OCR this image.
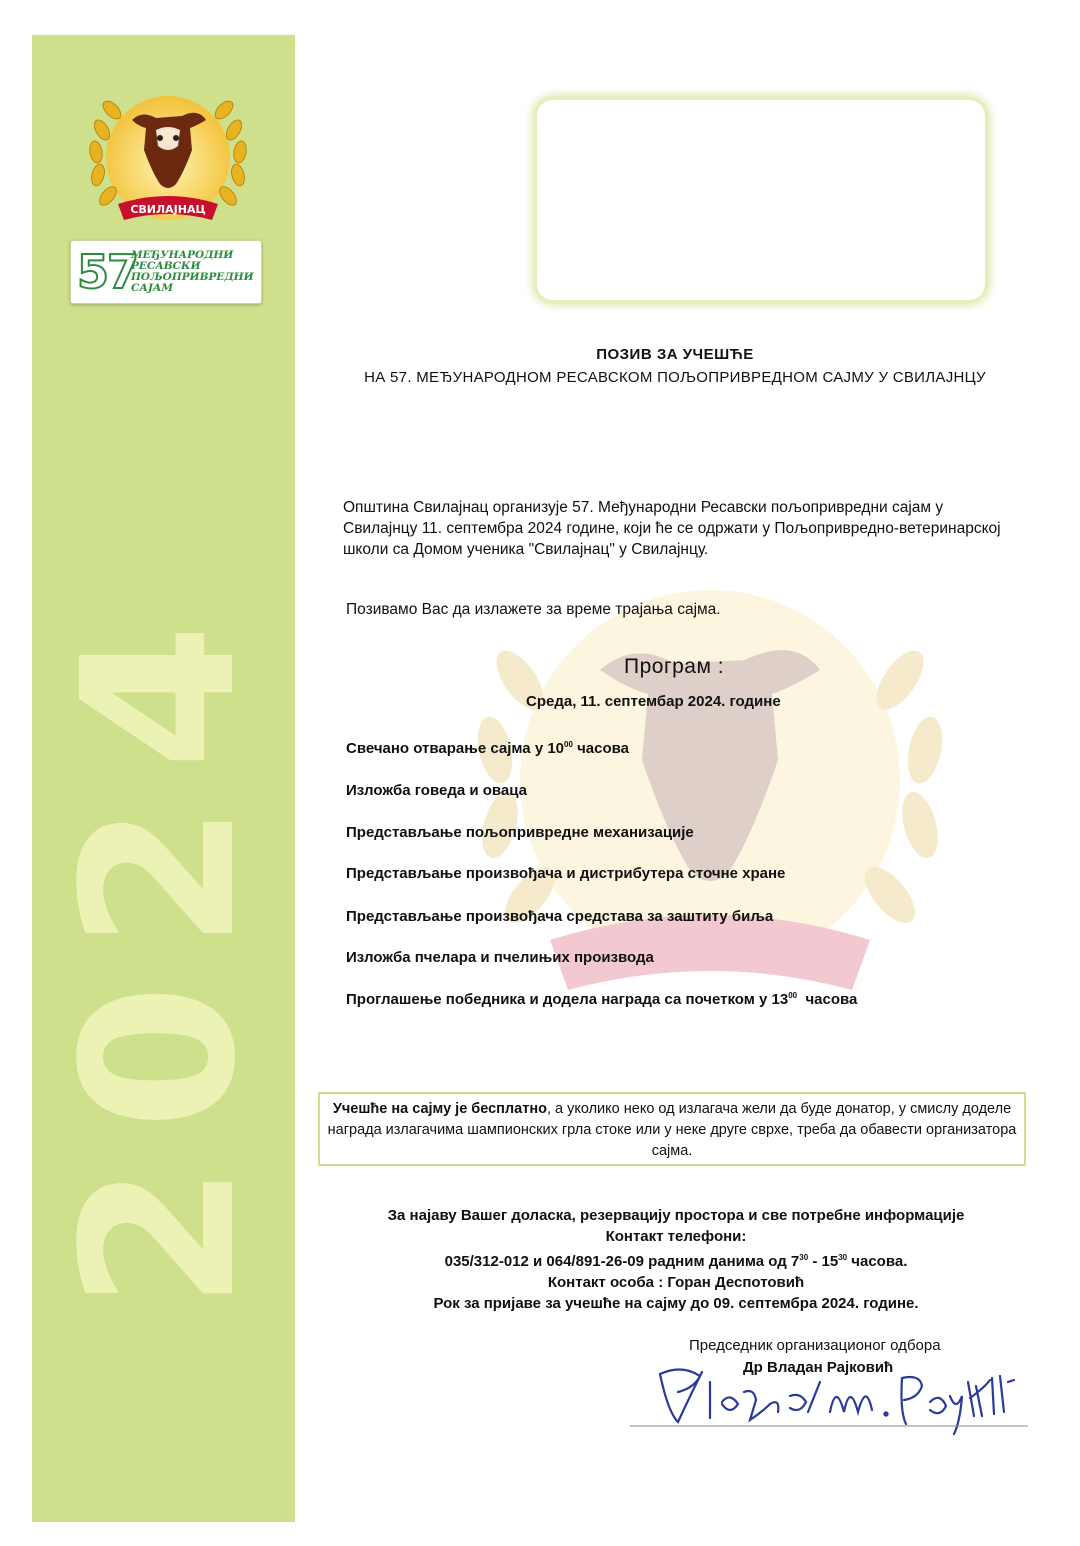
2024
СВИЛАЈНАЦ
57
МЕЂУНАРОДНИ
РЕСАВСКИ
ПОЉОПРИВРЕДНИ
САЈАМ
ПОЗИВ ЗА УЧЕШЋЕ
НА 57. МЕЂУНАРОДНОМ РЕСАВСКОМ ПОЉОПРИВРЕДНОМ САЈМУ У СВИЛАЈНЦУ
Општина Свилајнац организује 57. Међународни Ресавски пољопривредни сајам у Свилајнцу 11. септембра 2024 године, који ће се одржати у Пољопривредно-ветеринарској школи са Домом ученика "Свилајнац" у Свилајнцу.
Позивамо Вас да излажете за време трајања сајма.
Програм :
Среда, 11. септембар 2024. године
Свечано отварање сајма у $10^{00}$ часова
Изложба говеда и оваца
Представљање пољопривредне механизације
Представљање произвођача и дистрибутера сточне хране
Представљање произвођача средстава за заштиту биља
Изложба пчелара и пчелињих производа
Проглашење победника и додела награда са почетком у $13^{00}$  часова
Учешће на сајму је бесплатно, а уколико неко од излагача жели да буде донатор, у смислу доделе награда излагачима шампионских грла стоке или у неке друге сврхе, треба да обавести организатора сајма.
За најаву Вашег доласка, резервацију простора и све потребне информације
Контакт телефони:
035/312-012 и 064/891-26-09 радним данима од $7^{30} - 15^{30}$ часова.
Контакт особа : Горан Деспотовић
Рок за пријаве за учешће на сајму до 09. септембра 2024. године.
Председник организационог одбора
Др Владан Рајковић
